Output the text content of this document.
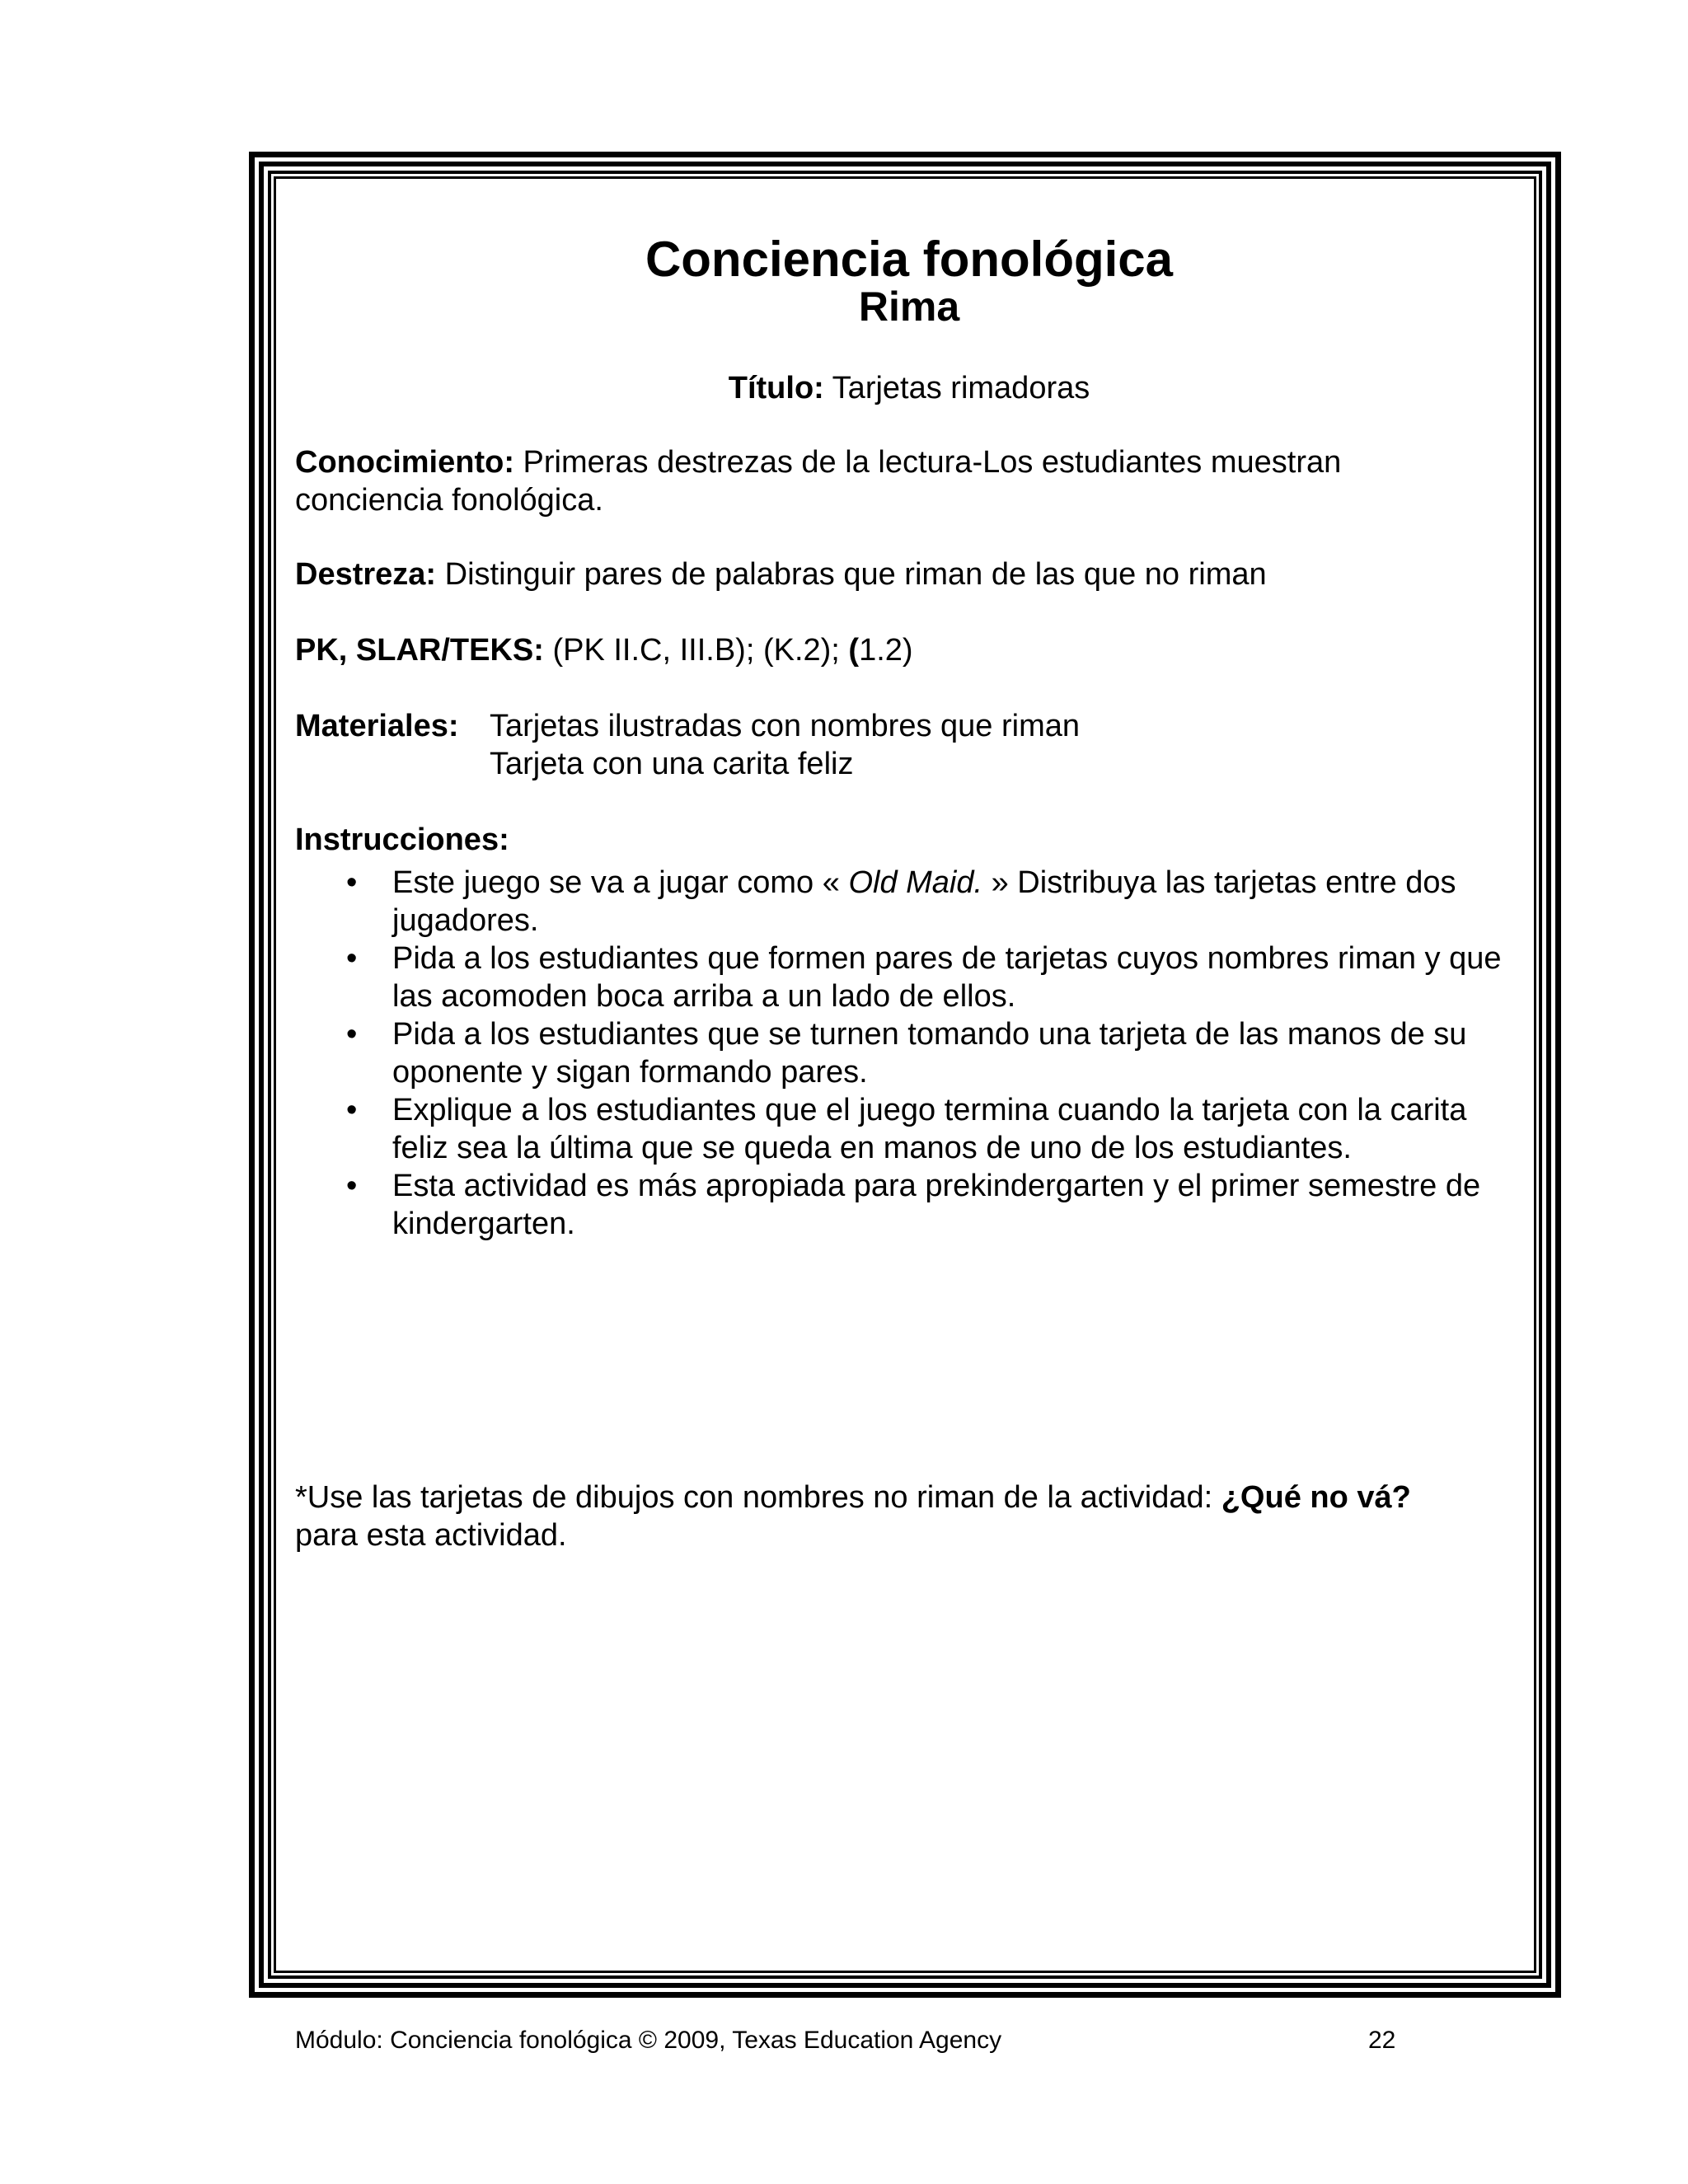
Conciencia fonológica
Rima
Título: Tarjetas rimadoras
Conocimiento: Primeras destrezas de la lectura-Los estudiantes muestran
conciencia fonológica.
Destreza: Distinguir pares de palabras que riman de las que no riman
PK, SLAR/TEKS: (PK II.C, III.B); (K.2); (1.2)
Materiales: Tarjetas ilustradas con nombres que riman
Tarjeta con una carita feliz
Instrucciones:
• Este juego se va a jugar como « Old Maid. » Distribuya las tarjetas entre dos jugadores.
• Pida a los estudiantes que formen pares de tarjetas cuyos nombres riman y que las acomoden boca arriba a un lado de ellos.
• Pida a los estudiantes que se turnen tomando una tarjeta de las manos de su oponente y sigan formando pares.
• Explique a los estudiantes que el juego termina cuando la tarjeta con la carita feliz sea la última que se queda en manos de uno de los estudiantes.
• Esta actividad es más apropiada para prekindergarten y el primer semestre de kindergarten.
*Use las tarjetas de dibujos con nombres no riman de la actividad: ¿Qué no vá?
para esta actividad.
Módulo: Conciencia fonológica © 2009, Texas Education Agency	22
